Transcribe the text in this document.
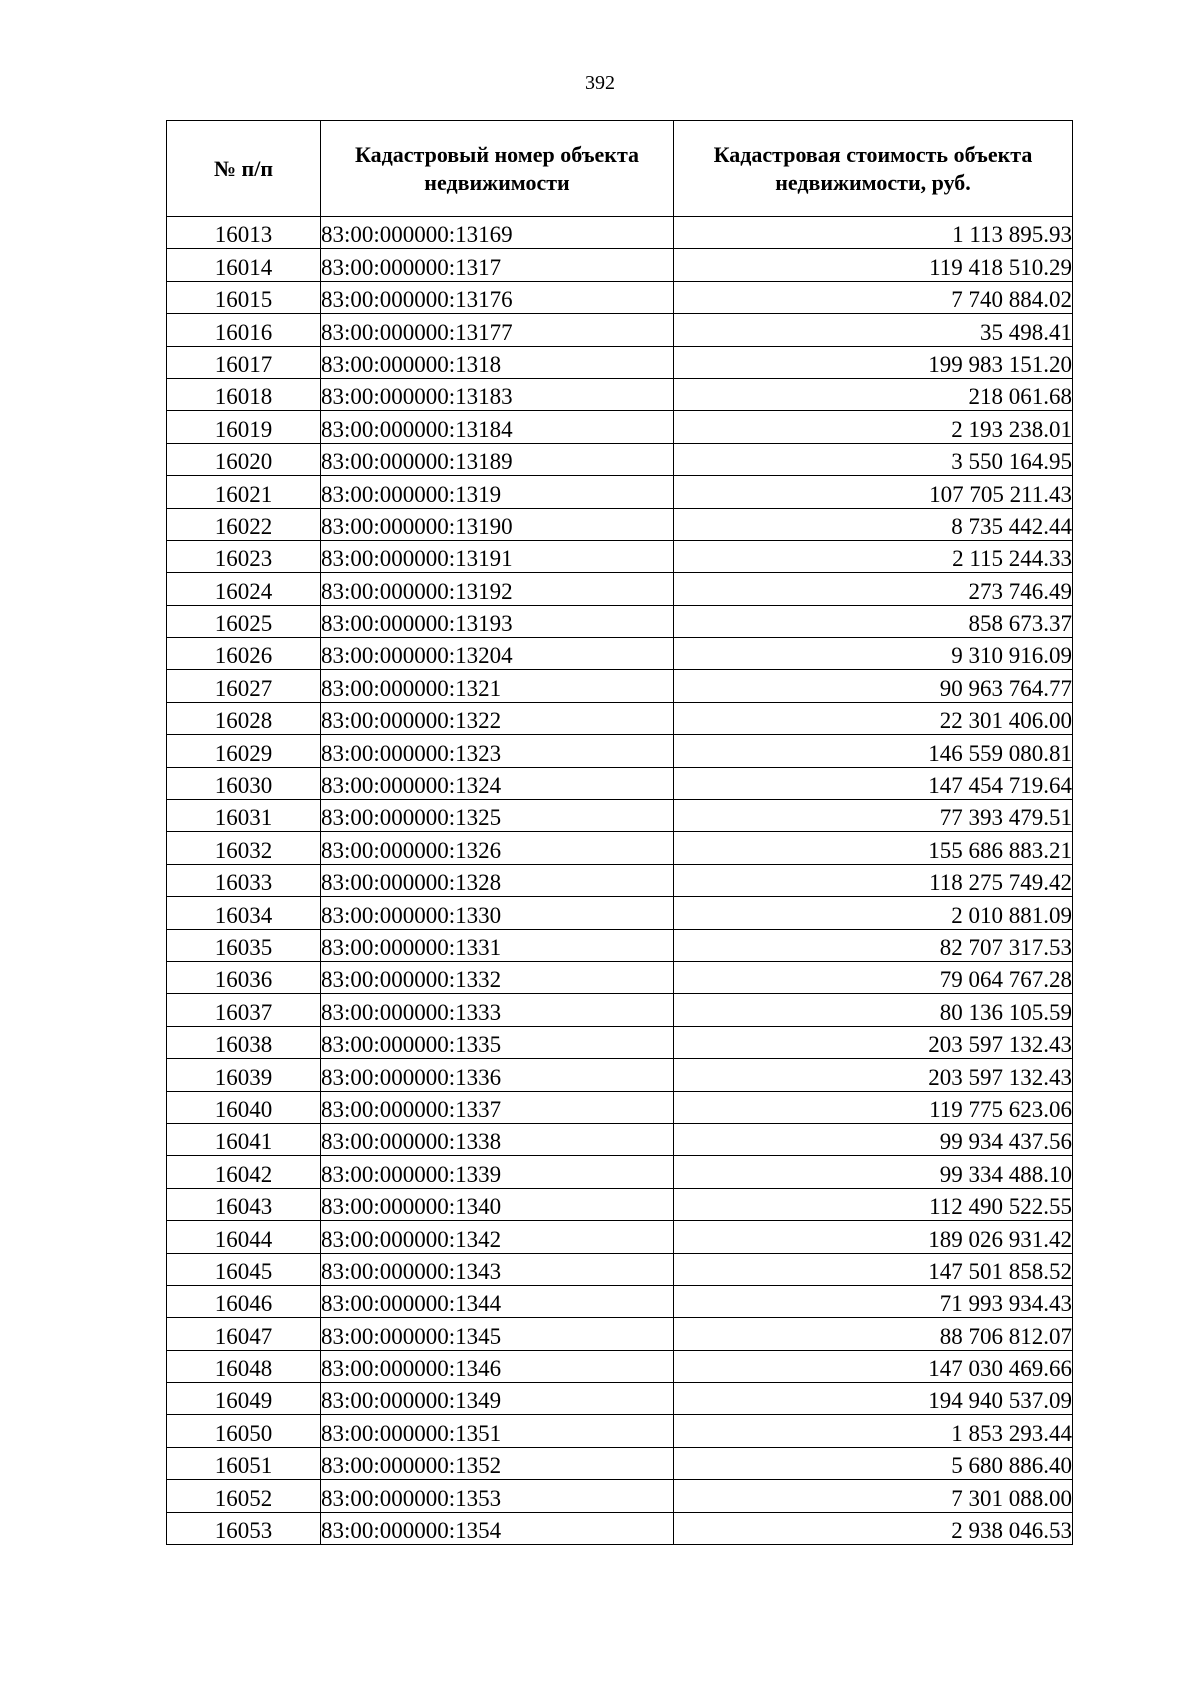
392
№ п/п	Кадастровый номер объекта недвижимости	Кадастровая стоимость объекта недвижимости, руб.
16013	83:00:000000:13169	1 113 895.93
16014	83:00:000000:1317	119 418 510.29
16015	83:00:000000:13176	7 740 884.02
16016	83:00:000000:13177	35 498.41
16017	83:00:000000:1318	199 983 151.20
16018	83:00:000000:13183	218 061.68
16019	83:00:000000:13184	2 193 238.01
16020	83:00:000000:13189	3 550 164.95
16021	83:00:000000:1319	107 705 211.43
16022	83:00:000000:13190	8 735 442.44
16023	83:00:000000:13191	2 115 244.33
16024	83:00:000000:13192	273 746.49
16025	83:00:000000:13193	858 673.37
16026	83:00:000000:13204	9 310 916.09
16027	83:00:000000:1321	90 963 764.77
16028	83:00:000000:1322	22 301 406.00
16029	83:00:000000:1323	146 559 080.81
16030	83:00:000000:1324	147 454 719.64
16031	83:00:000000:1325	77 393 479.51
16032	83:00:000000:1326	155 686 883.21
16033	83:00:000000:1328	118 275 749.42
16034	83:00:000000:1330	2 010 881.09
16035	83:00:000000:1331	82 707 317.53
16036	83:00:000000:1332	79 064 767.28
16037	83:00:000000:1333	80 136 105.59
16038	83:00:000000:1335	203 597 132.43
16039	83:00:000000:1336	203 597 132.43
16040	83:00:000000:1337	119 775 623.06
16041	83:00:000000:1338	99 934 437.56
16042	83:00:000000:1339	99 334 488.10
16043	83:00:000000:1340	112 490 522.55
16044	83:00:000000:1342	189 026 931.42
16045	83:00:000000:1343	147 501 858.52
16046	83:00:000000:1344	71 993 934.43
16047	83:00:000000:1345	88 706 812.07
16048	83:00:000000:1346	147 030 469.66
16049	83:00:000000:1349	194 940 537.09
16050	83:00:000000:1351	1 853 293.44
16051	83:00:000000:1352	5 680 886.40
16052	83:00:000000:1353	7 301 088.00
16053	83:00:000000:1354	2 938 046.53
